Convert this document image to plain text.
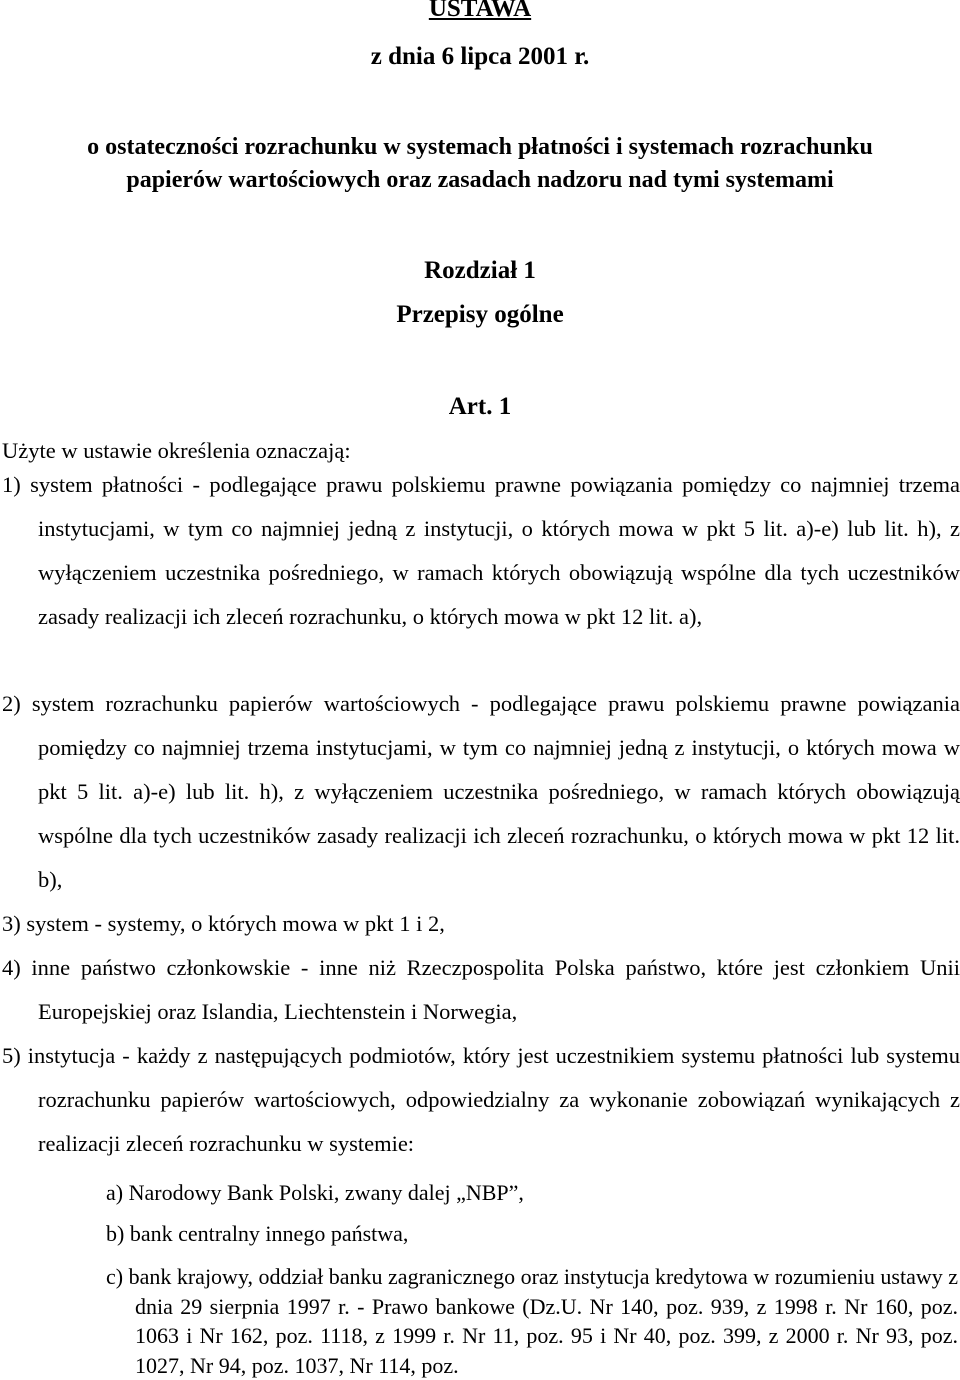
USTAWA
z dnia 6 lipca 2001 r.
o ostateczności rozrachunku w systemach płatności i systemach rozrachunku papierów wartościowych oraz zasadach nadzoru nad tymi systemami
Rozdział 1
Przepisy ogólne
Art. 1
Użyte w ustawie określenia oznaczają:
1) system płatności - podlegające prawu polskiemu prawne powiązania pomiędzy co najmniej trzema instytucjami, w tym co najmniej jedną z instytucji, o których mowa w pkt 5 lit. a)-e) lub lit. h), z wyłączeniem uczestnika pośredniego, w ramach których obowiązują wspólne dla tych uczestników zasady realizacji ich zleceń rozrachunku, o których mowa w pkt 12 lit. a),
2) system rozrachunku papierów wartościowych - podlegające prawu polskiemu prawne powiązania pomiędzy co najmniej trzema instytucjami, w tym co najmniej jedną z instytucji, o których mowa w pkt 5 lit. a)-e) lub lit. h), z wyłączeniem uczestnika pośredniego, w ramach których obowiązują wspólne dla tych uczestników zasady realizacji ich zleceń rozrachunku, o których mowa w pkt 12 lit. b),
3) system - systemy, o których mowa w pkt 1 i 2,
4) inne państwo członkowskie - inne niż Rzeczpospolita Polska państwo, które jest członkiem Unii Europejskiej oraz Islandia, Liechtenstein i Norwegia,
5) instytucja - każdy z następujących podmiotów, który jest uczestnikiem systemu płatności lub systemu rozrachunku papierów wartościowych, odpowiedzialny za wykonanie zobowiązań wynikających z realizacji zleceń rozrachunku w systemie:
a) Narodowy Bank Polski, zwany dalej „NBP”,
b) bank centralny innego państwa,
c) bank krajowy, oddział banku zagranicznego oraz instytucja kredytowa w rozumieniu ustawy z dnia 29 sierpnia 1997 r. - Prawo bankowe (Dz.U. Nr 140, poz. 939, z 1998 r. Nr 160, poz. 1063 i Nr 162, poz. 1118, z 1999 r. Nr 11, poz. 95 i Nr 40, poz. 399, z 2000 r. Nr 93, poz. 1027, Nr 94, poz. 1037, Nr 114, poz.
